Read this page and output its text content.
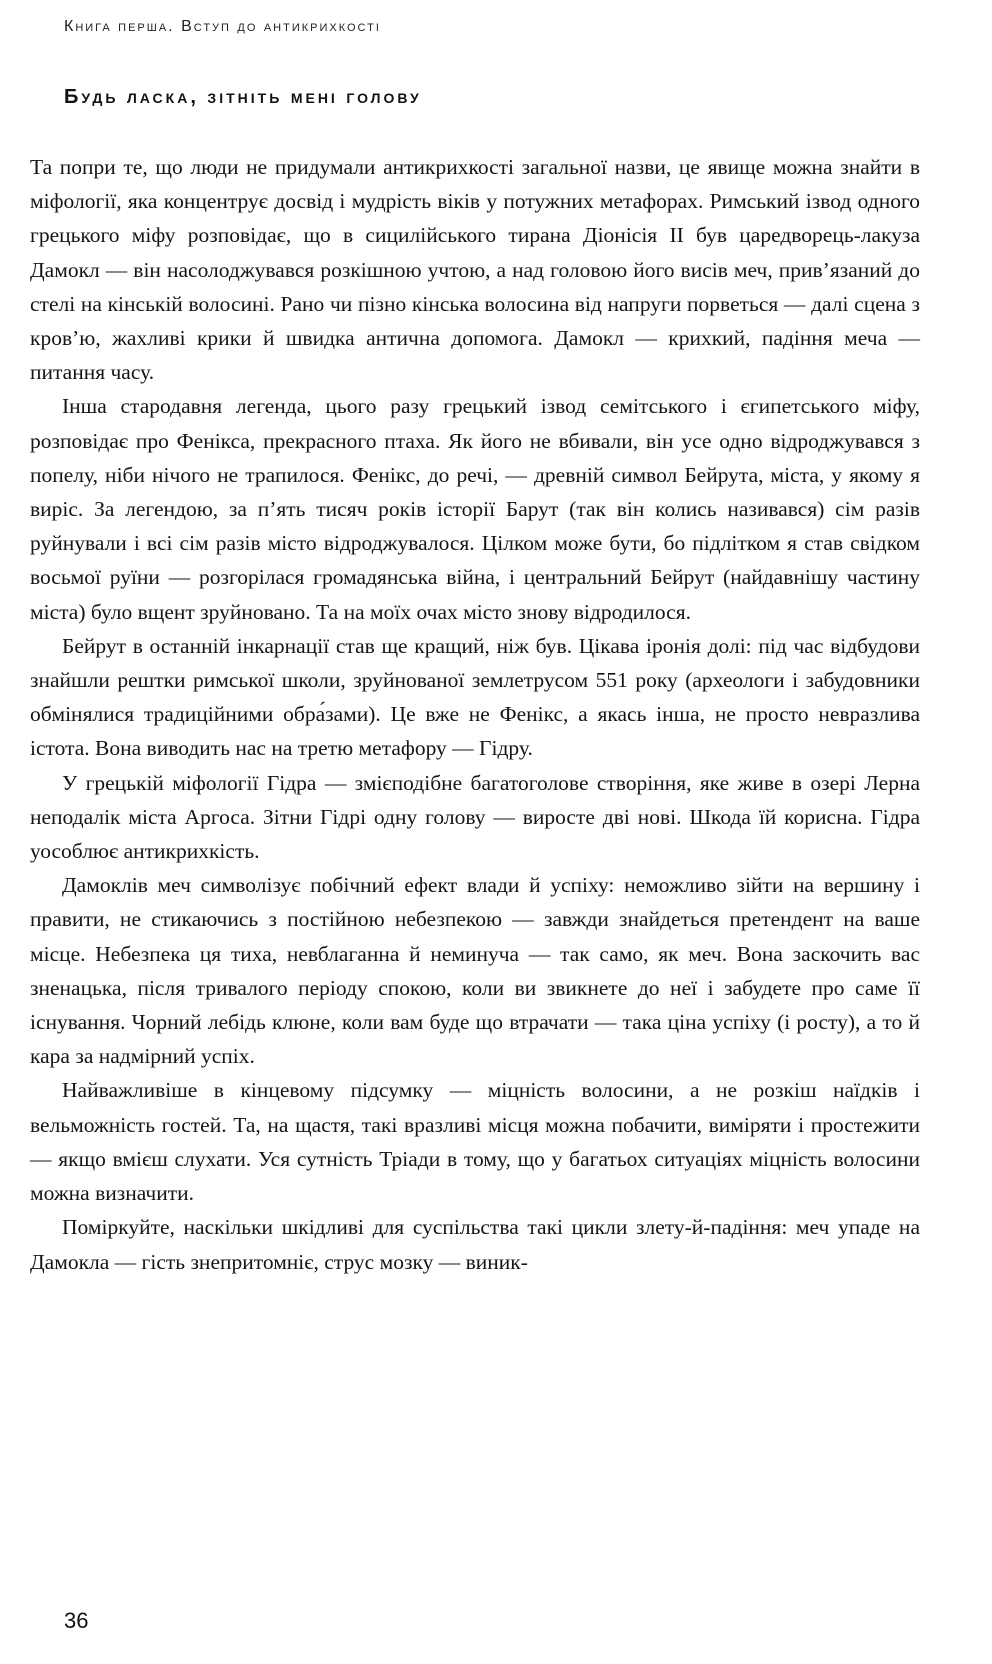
Книга перша. Вступ до антикрихкості
Будь ласка, зітніть мені голову

Та попри те, що люди не придумали антикрихкості загальної назви, це явище можна знайти в міфології, яка концентрує досвід і мудрість віків у потужних метафорах. Римський ізвод одного грецького міфу розповідає, що в сицилійського тирана Діонісія II був царедворець-лакуза Дамокл — він насолоджувався розкішною учтою, а над головою його висів меч, прив’язаний до стелі на кінській волосині. Рано чи пізно кінська волосина від напруги порветься — далі сцена з кров’ю, жахливі крики й швидка антична допомога. Дамокл — крихкий, падіння меча — питання часу.

Інша стародавня легенда, цього разу грецький ізвод семітського і єгипетського міфу, розповідає про Фенікса, прекрасного птаха. Як його не вбивали, він усе одно відроджувався з попелу, ніби нічого не трапилося. Фенікс, до речі, — древній символ Бейрута, міста, у якому я виріс. За легендою, за п’ять тисяч років історії Барут (так він колись називався) сім разів руйнували і всі сім разів місто відроджувалося. Цілком може бути, бо підлітком я став свідком восьмої руїни — розгорілася громадянська війна, і центральний Бейрут (найдавнішу частину міста) було вщент зруйновано. Та на моїх очах місто знову відродилося.

Бейрут в останній інкарнації став ще кращий, ніж був. Цікава іронія долі: під час відбудови знайшли рештки римської школи, зруйнованої землетрусом 551 року (археологи і забудовники обмінялися традиційними обра́зами). Це вже не Фенікс, а якась інша, не просто невразлива істота. Вона виводить нас на третю метафору — Гідру.

У грецькій міфології Гідра — змієподібне багатоголове створіння, яке живе в озері Лерна неподалік міста Аргоса. Зітни Гідрі одну голову — виросте дві нові. Шкода їй корисна. Гідра уособлює антикрихкість.

Дамоклів меч символізує побічний ефект влади й успіху: неможливо зійти на вершину і правити, не стикаючись з постійною небезпекою — завжди знайдеться претендент на ваше місце. Небезпека ця тиха, невблаганна й неминуча — так само, як меч. Вона заскочить вас зненацька, після тривалого періоду спокою, коли ви звикнете до неї і забудете про саме її існування. Чорний лебідь клюне, коли вам буде що втрачати — така ціна успіху (і росту), а то й кара за надмірний успіх.

Найважливіше в кінцевому підсумку — міцність волосини, а не розкіш наїдків і вельможність гостей. Та, на щастя, такі вразливі місця можна побачити, виміряти і простежити — якщо вмієш слухати. Уся сутність Тріади в тому, що у багатьох ситуаціях міцність волосини можна визначити.

Поміркуйте, наскільки шкідливі для суспільства такі цикли злету-й-падіння: меч упаде на Дамокла — гість знепритомніє, струс мозку — виник-

36
